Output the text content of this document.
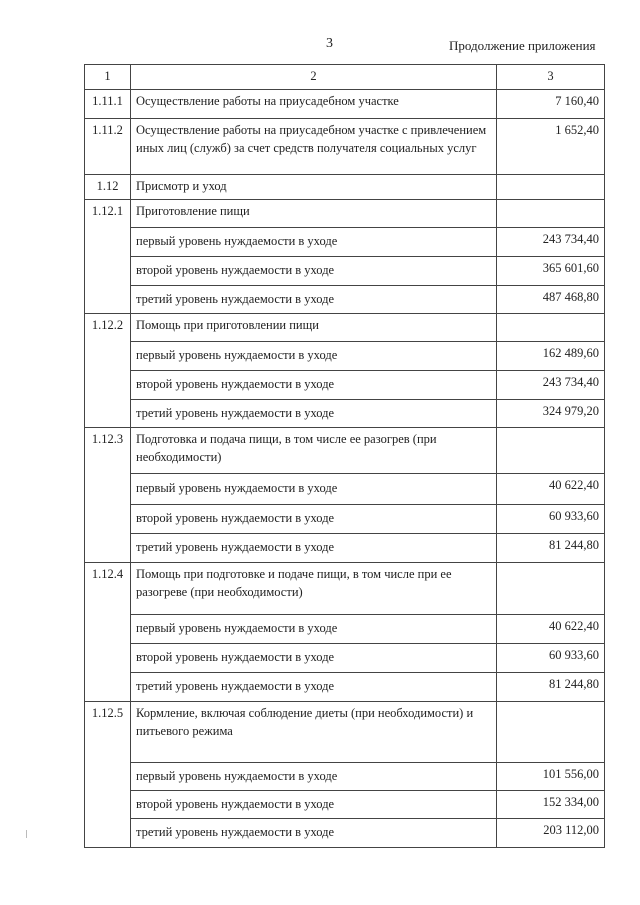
3	Продолжение приложения
1	2	3
1.11.1	Осуществление работы на приусадебном участке	7 160,40
1.11.2	Осуществление работы на приусадебном участке с привлечением иных лиц (служб) за счет средств получателя социальных услуг	1 652,40
1.12	Присмотр и уход	
1.12.1	Приготовление пищи	
	первый уровень нуждаемости в уходе	243 734,40
	второй уровень нуждаемости в уходе	365 601,60
	третий уровень нуждаемости в уходе	487 468,80
1.12.2	Помощь при приготовлении пищи	
	первый уровень нуждаемости в уходе	162 489,60
	второй уровень нуждаемости в уходе	243 734,40
	третий уровень нуждаемости в уходе	324 979,20
1.12.3	Подготовка и подача пищи, в том числе ее разогрев (при необходимости)	
	первый уровень нуждаемости в уходе	40 622,40
	второй уровень нуждаемости в уходе	60 933,60
	третий уровень нуждаемости в уходе	81 244,80
1.12.4	Помощь при подготовке и подаче пищи, в том числе при ее разогреве (при необходимости)	
	первый уровень нуждаемости в уходе	40 622,40
	второй уровень нуждаемости в уходе	60 933,60
	третий уровень нуждаемости в уходе	81 244,80
1.12.5	Кормление, включая соблюдение диеты (при необходимости) и питьевого режима	
	первый уровень нуждаемости в уходе	101 556,00
	второй уровень нуждаемости в уходе	152 334,00
	третий уровень нуждаемости в уходе	203 112,00
